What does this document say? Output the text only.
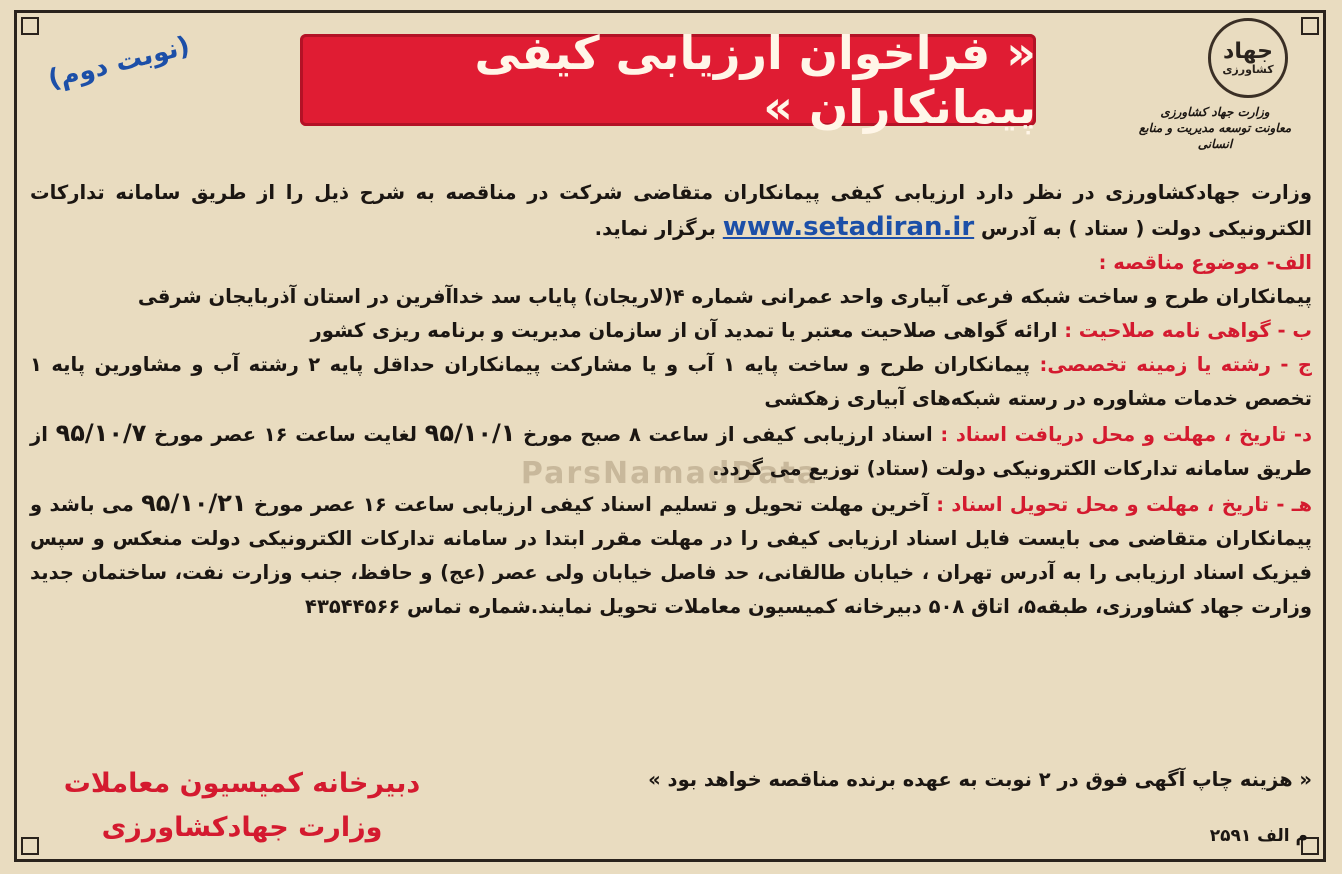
« فراخوان ارزیابی کیفی پیمانکاران »
(نوبت دوم)	جهاد
کشاورزی
وزارت جهاد کشاورزی
معاونت توسعه مدیریت و منابع انسانی
ParsNamadData

وزارت جهادکشاورزی در نظر دارد ارزیابی کیفی پیمانکاران متقاضی شرکت در مناقصه به شرح ذیل را از طریق سامانه تدارکات الکترونیکی دولت ( ستاد ) به آدرس www.setadiran.ir برگزار نماید.

الف- موضوع مناقصه :

پیمانکاران طرح و ساخت شبکه فرعی آبیاری واحد عمرانی شماره ۴(لاریجان) پایاب سد خداآفرین در استان آذربایجان شرقی

ب - گواهی نامه صلاحیت : ارائه گواهی صلاحیت معتبر یا تمدید آن از سازمان مدیریت و برنامه ریزی کشور

ج - رشته یا زمینه تخصصی: پیمانکاران طرح و ساخت پایه ۱ آب و یا مشارکت پیمانکاران حداقل پایه ۲ رشته آب و مشاورین پایه ۱ تخصص خدمات مشاوره در رسته شبکه‌های آبیاری زهکشی

د- تاریخ ، مهلت و محل دریافت اسناد : اسناد ارزیابی کیفی از ساعت ۸ صبح مورخ ۹۵/۱۰/۱ لغایت ساعت ۱۶ عصر مورخ ۹۵/۱۰/۷ از طریق سامانه تدارکات الکترونیکی دولت (ستاد) توزیع می گردد.

هـ - تاریخ ، مهلت و محل تحویل اسناد : آخرین مهلت تحویل و تسلیم اسناد کیفی ارزیابی ساعت ۱۶ عصر مورخ ۹۵/۱۰/۲۱ می باشد و پیمانکاران متقاضی می بایست فایل اسناد ارزیابی کیفی را در مهلت مقرر ابتدا در سامانه تدارکات الکترونیکی دولت منعکس و سپس فیزیک اسناد ارزیابی را به آدرس تهران ، خیابان طالقانی، حد فاصل خیابان ولی عصر (عج) و حافظ، جنب وزارت نفت، ساختمان جدید وزارت جهاد کشاورزی، طبقه۵، اتاق ۵۰۸ دبیرخانه کمیسیون معاملات تحویل نمایند.شماره تماس ۴۳۵۴۴۵۶۶

« هزینه چاپ آگهی فوق در ۲ نوبت به عهده برنده مناقصه خواهد بود »
دبیرخانه کمیسیون معاملات
وزارت جهادکشاورزی	م الف ۲۵۹۱
